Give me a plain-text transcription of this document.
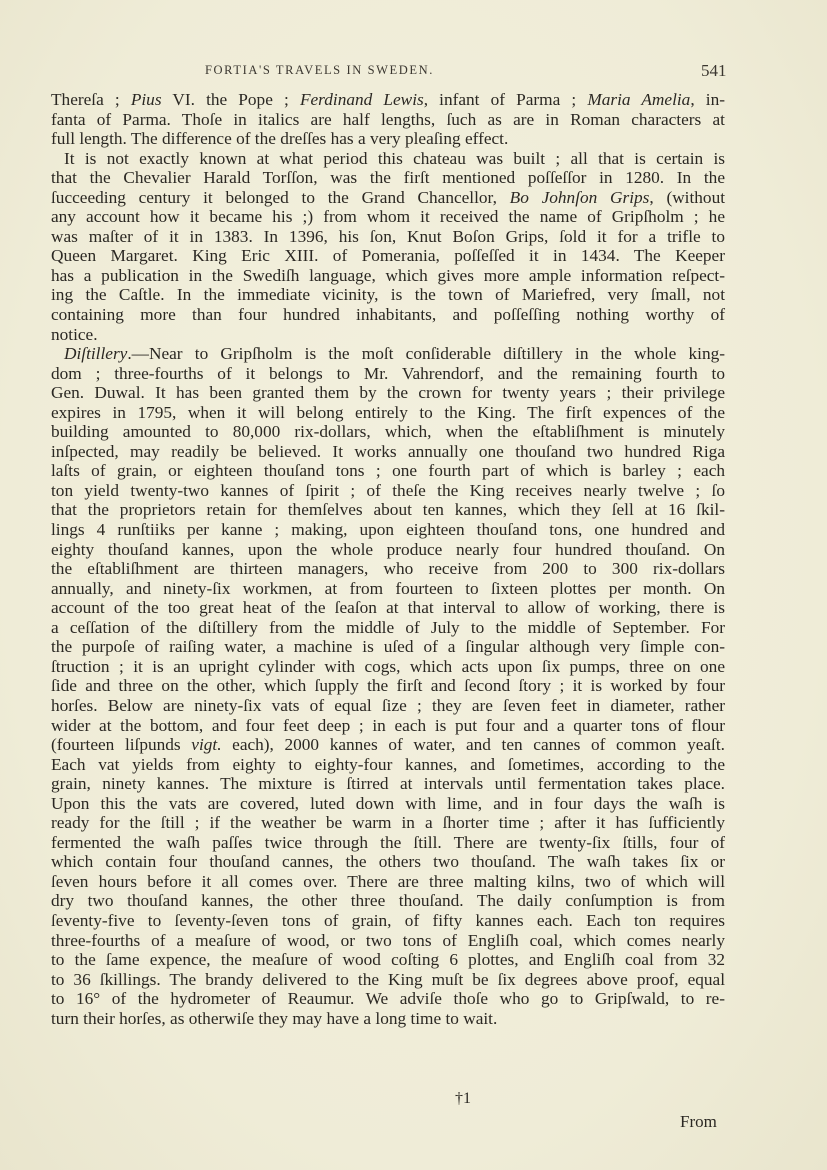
FORTIA'S TRAVELS IN SWEDEN.	541
Thereſa ; Pius VI. the Pope ; Ferdinand Lewis, infant of Parma ; Maria Amelia, in-
fanta of Parma. Thoſe in italics are half lengths, ſuch as are in Roman characters at
full length. The difference of the dreſſes has a very pleaſing effect.
It is not exactly known at what period this chateau was built ; all that is certain is
that the Chevalier Harald Torſſon, was the firſt mentioned poſſeſſor in 1280. In the
ſucceeding century it belonged to the Grand Chancellor, Bo Johnſon Grips, (without
any account how it became his ;) from whom it received the name of Gripſholm ; he
was maſter of it in 1383. In 1396, his ſon, Knut Boſon Grips, ſold it for a trifle to
Queen Margaret. King Eric XIII. of Pomerania, poſſeſſed it in 1434. The Keeper
has a publication in the Swediſh language, which gives more ample information reſpect-
ing the Caſtle. In the immediate vicinity, is the town of Mariefred, very ſmall, not
containing more than four hundred inhabitants, and poſſeſſing nothing worthy of
notice.
Diſtillery.—Near to Gripſholm is the moſt conſiderable diſtillery in the whole king-
dom ; three-fourths of it belongs to Mr. Vahrendorf, and the remaining fourth to
Gen. Duwal. It has been granted them by the crown for twenty years ; their privilege
expires in 1795, when it will belong entirely to the King. The firſt expences of the
building amounted to 80,000 rix-dollars, which, when the eſtabliſhment is minutely
inſpected, may readily be believed. It works annually one thouſand two hundred Riga
laſts of grain, or eighteen thouſand tons ; one fourth part of which is barley ; each
ton yield twenty-two kannes of ſpirit ; of theſe the King receives nearly twelve ; ſo
that the proprietors retain for themſelves about ten kannes, which they ſell at 16 ſkil-
lings 4 runſtiiks per kanne ; making, upon eighteen thouſand tons, one hundred and
eighty thouſand kannes, upon the whole produce nearly four hundred thouſand. On
the eſtabliſhment are thirteen managers, who receive from 200 to 300 rix-dollars
annually, and ninety-ſix workmen, at from fourteen to ſixteen plottes per month. On
account of the too great heat of the ſeaſon at that interval to allow of working, there is
a ceſſation of the diſtillery from the middle of July to the middle of September. For
the purpoſe of raiſing water, a machine is uſed of a ſingular although very ſimple con-
ſtruction ; it is an upright cylinder with cogs, which acts upon ſix pumps, three on one
ſide and three on the other, which ſupply the firſt and ſecond ſtory ; it is worked by four
horſes. Below are ninety-ſix vats of equal ſize ; they are ſeven feet in diameter, rather
wider at the bottom, and four feet deep ; in each is put four and a quarter tons of flour
(fourteen liſpunds vigt. each), 2000 kannes of water, and ten cannes of common yeaſt.
Each vat yields from eighty to eighty-four kannes, and ſometimes, according to the
grain, ninety kannes. The mixture is ſtirred at intervals until fermentation takes place.
Upon this the vats are covered, luted down with lime, and in four days the waſh is
ready for the ſtill ; if the weather be warm in a ſhorter time ; after it has ſufficiently
fermented the waſh paſſes twice through the ſtill. There are twenty-ſix ſtills, four of
which contain four thouſand cannes, the others two thouſand. The waſh takes ſix or
ſeven hours before it all comes over. There are three malting kilns, two of which will
dry two thouſand kannes, the other three thouſand. The daily conſumption is from
ſeventy-five to ſeventy-ſeven tons of grain, of fifty kannes each. Each ton requires
three-fourths of a meaſure of wood, or two tons of Engliſh coal, which comes nearly
to the ſame expence, the meaſure of wood coſting 6 plottes, and Engliſh coal from 32
to 36 ſkillings. The brandy delivered to the King muſt be ſix degrees above proof, equal
to 16° of the hydrometer of Reaumur. We adviſe thoſe who go to Gripſwald, to re-
turn their horſes, as otherwiſe they may have a long time to wait.
†1
From
